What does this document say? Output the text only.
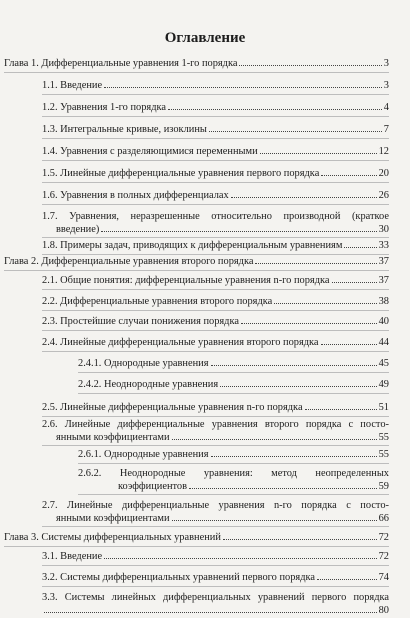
Оглавление
Глава 1. Дифференциальные уравнения 1-го порядка	3
1.1. Введение	3
1.2. Уравнения 1-го порядка	4
1.3. Интегральные кривые, изоклины	7
1.4. Уравнения с разделяющимися переменными	12
1.5. Линейные дифференциальные уравнения первого порядка	20
1.6. Уравнения в полных дифференциалах	26
1.7. Уравнения, неразрешенные относительно производной (краткое
введение)	30
1.8. Примеры задач, приводящих к дифференциальным уравнениям	33
Глава 2. Дифференциальные уравнения второго порядка	37
2.1. Общие понятия: дифференциальные уравнения n-го порядка	37
2.2. Дифференциальные уравнения второго порядка	38
2.3. Простейшие случаи понижения порядка	40
2.4. Линейные дифференциальные уравнения второго порядка	44
2.4.1. Однородные уравнения	45
2.4.2. Неоднородные уравнения	49
2.5. Линейные дифференциальные уравнения n-го порядка	51
2.6. Линейные дифференциальные уравнения второго порядка с посто-
янными коэффициентами	55
2.6.1. Однородные уравнения	55
2.6.2. Неоднородные уравнения: метод неопределенных
коэффициентов	59
2.7. Линейные дифференциальные уравнения n-го порядка с посто-
янными коэффициентами	66
Глава 3. Системы дифференциальных уравнений	72
3.1. Введение	72
3.2. Системы дифференциальных уравнений первого порядка	74
3.3. Системы линейных дифференциальных уравнений первого порядка
80
